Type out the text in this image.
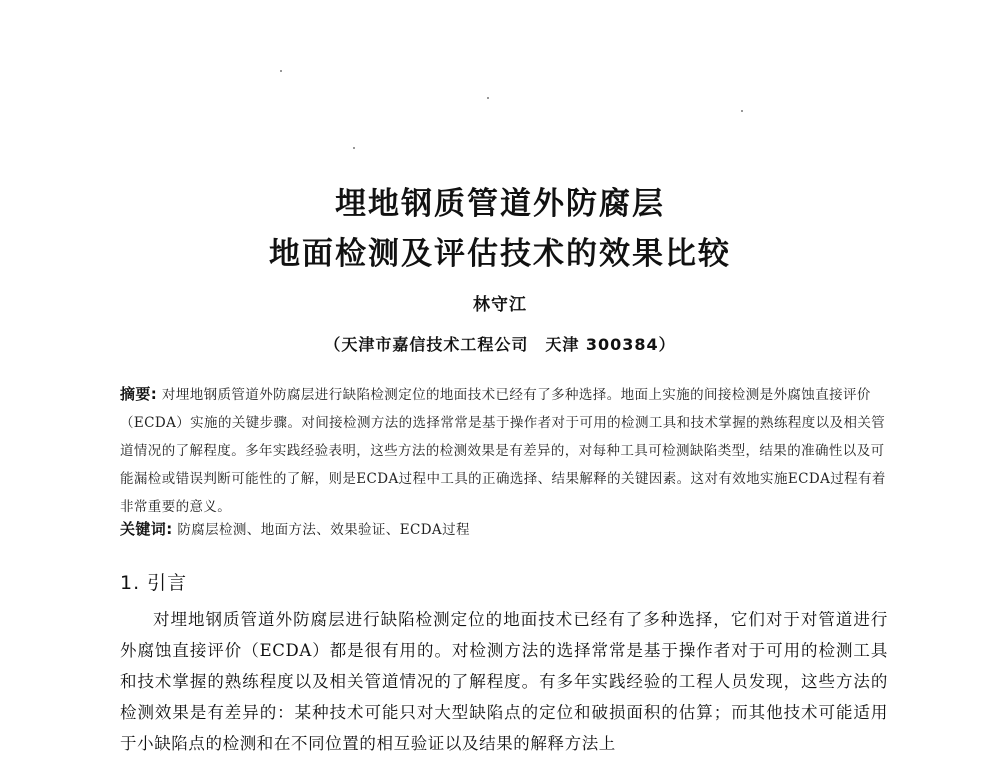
埋地钢质管道外防腐层
地面检测及评估技术的效果比较
林守江
（天津市嘉信技术工程公司　天津 300384）
摘要: 对埋地钢质管道外防腐层进行缺陷检测定位的地面技术已经有了多种选择。地面上实施的间接检测是外腐蚀直接评价（ECDA）实施的关键步骤。对间接检测方法的选择常常是基于操作者对于可用的检测工具和技术掌握的熟练程度以及相关管道情况的了解程度。多年实践经验表明，这些方法的检测效果是有差异的，对每种工具可检测缺陷类型，结果的准确性以及可能漏检或错误判断可能性的了解，则是ECDA过程中工具的正确选择、结果解释的关键因素。这对有效地实施ECDA过程有着非常重要的意义。
关键词: 防腐层检测、地面方法、效果验证、ECDA过程
1. 引言
对埋地钢质管道外防腐层进行缺陷检测定位的地面技术已经有了多种选择，它们对于对管道进行外腐蚀直接评价（ECDA）都是很有用的。对检测方法的选择常常是基于操作者对于可用的检测工具和技术掌握的熟练程度以及相关管道情况的了解程度。有多年实践经验的工程人员发现，这些方法的检测效果是有差异的：某种技术可能只对大型缺陷点的定位和破损面积的估算；而其他技术可能适用于小缺陷点的检测和在不同位置的相互验证以及结果的解释方法上
